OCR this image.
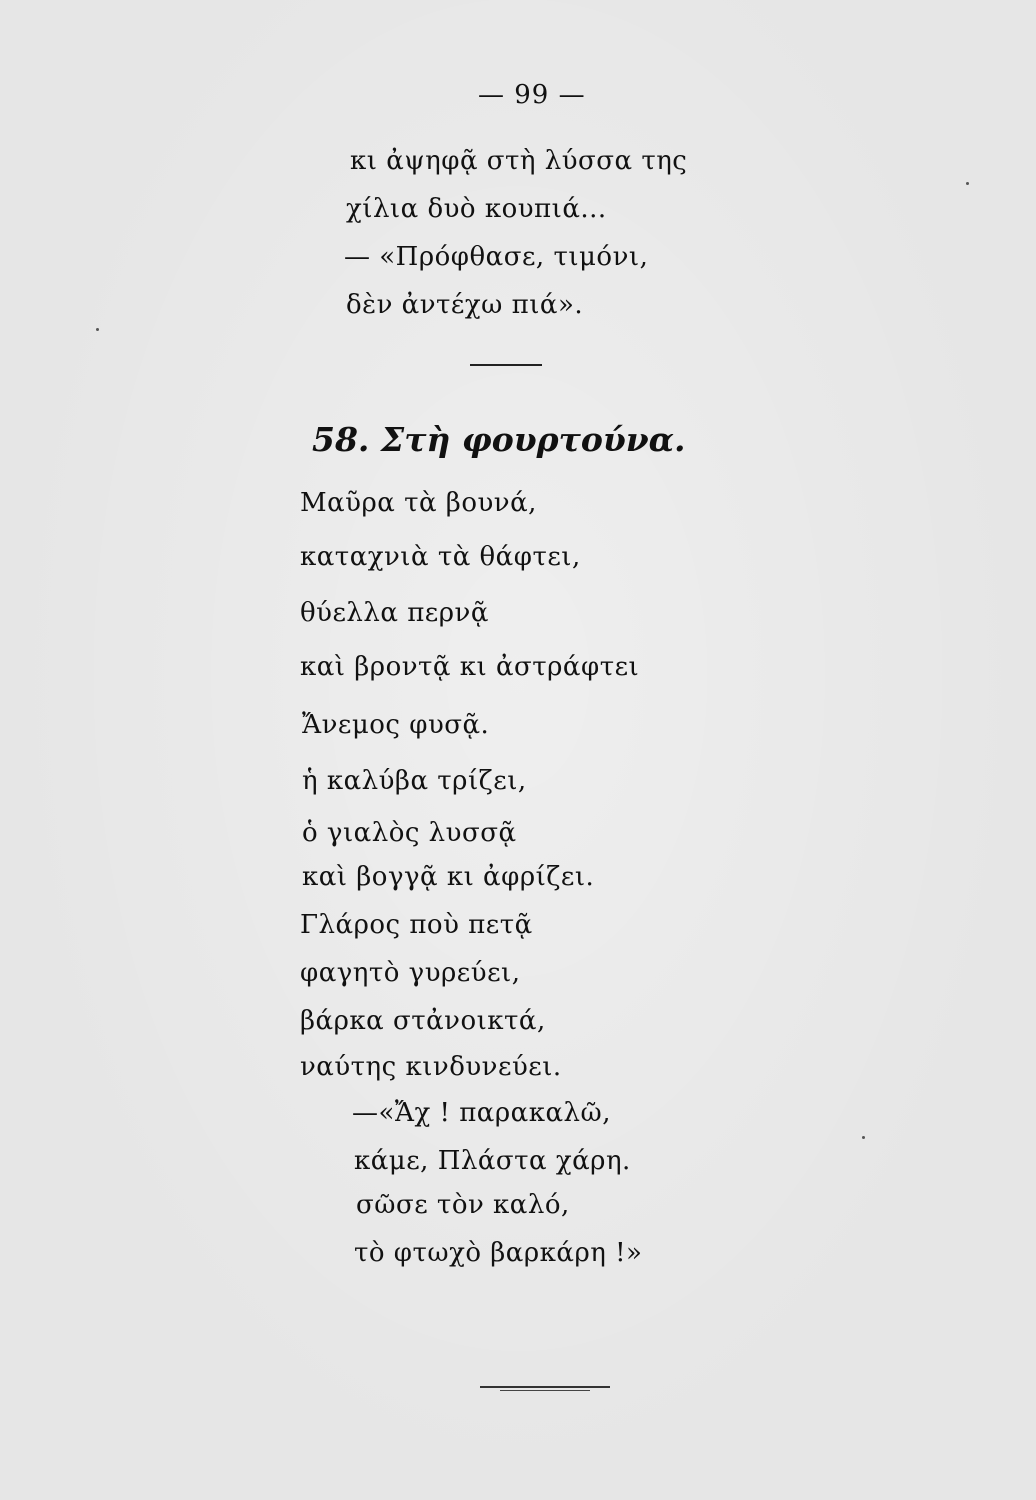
— 99 —
κι ἀψηφᾷ στὴ λύσσα της
χίλια δυὸ κουπιά...
— «Πρόφθασε, τιμόνι,
δὲν ἀντέχω πιά».
58. Στὴ φουρτούνα.
Μαῦρα τὰ βουνά,
καταχνιὰ τὰ θάφτει,
θύελλα περνᾷ
καὶ βροντᾷ κι ἀστράφτει
Ἄνεμος φυσᾷ.
ἡ καλύβα τρίζει,
ὁ γιαλὸς λυσσᾷ
καὶ βογγᾷ κι ἀφρίζει.
Γλάρος ποὺ πετᾷ
φαγητὸ γυρεύει,
βάρκα στἀνοικτά,
ναύτης κινδυνεύει.
—«Ἄχ ! παρακαλῶ,
κάμε, Πλάστα χάρη.
σῶσε τὸν καλό,
τὸ φτωχὸ βαρκάρη !»
